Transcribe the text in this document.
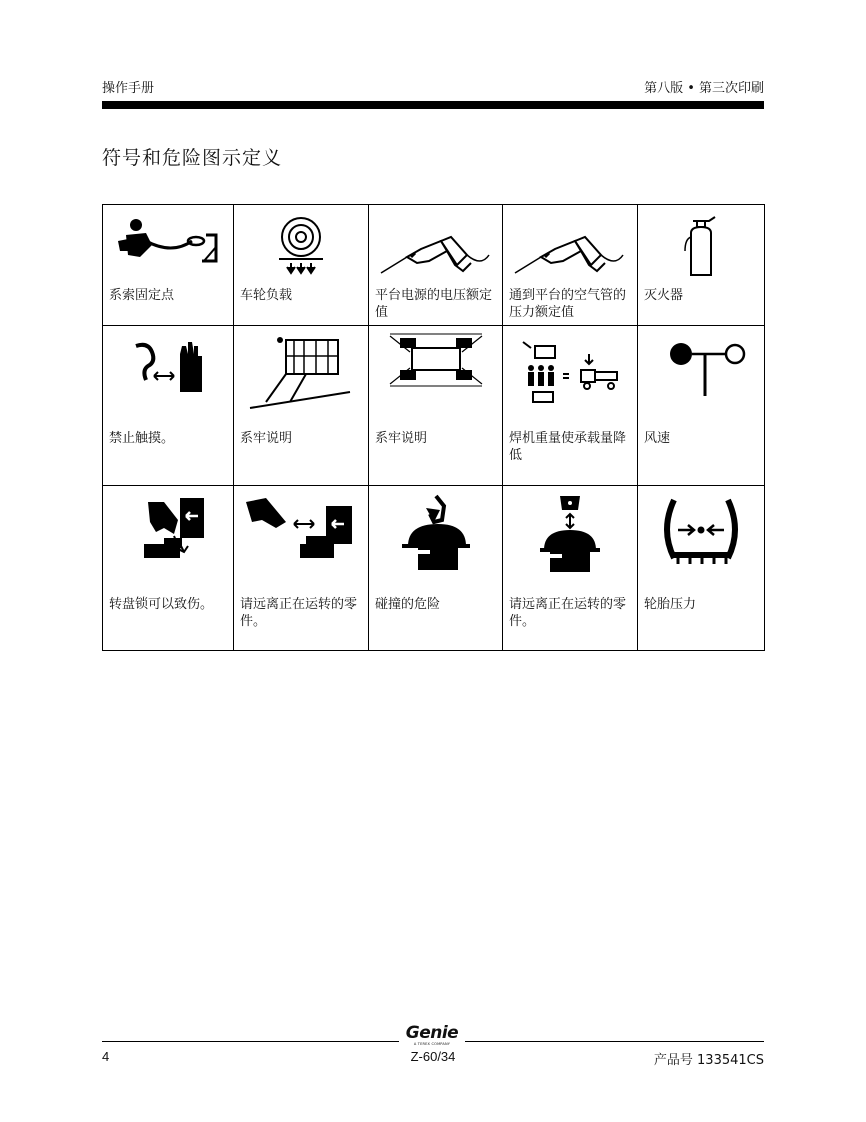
操作手册	第八版 • 第三次印刷
符号和危险图示定义
系索固定点	车轮负载	平台电源的电压额定值	通到平台的空气管的压力额定值	灭火器

禁止触摸。	系牢说明	系牢说明	焊机重量使承载量降低	风速

转盘锁可以致伤。	请远离正在运转的零件。	碰撞的危险	请远离正在运转的零件。	轮胎压力
Genie
A TEREX COMPANY
4	Z-60/34	产品号 133541CS
